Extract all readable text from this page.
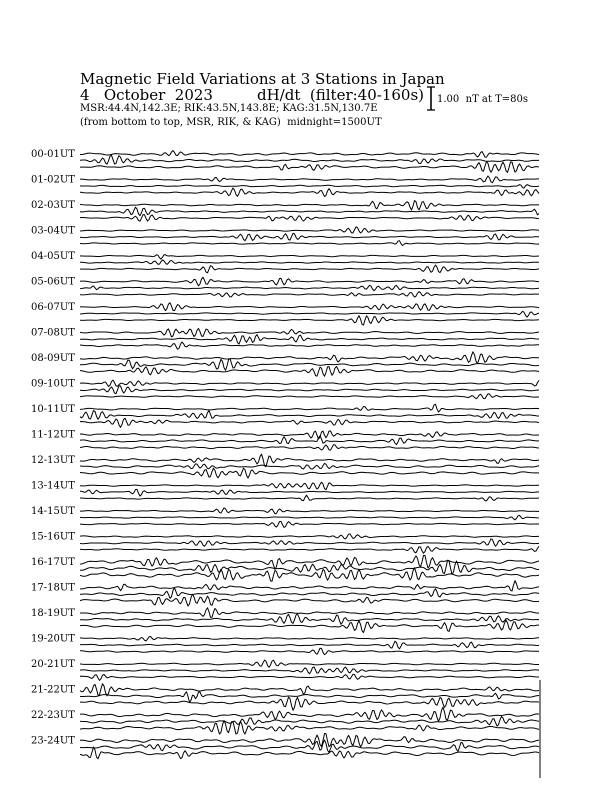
Magnetic Field Variations at 3 Stations in Japan
4   October  2023	dH/dt  (filter:40-160s)
MSR:44.4N,142.3E; RIK:43.5N,143.8E; KAG:31.5N,130.7E
(from bottom to top, MSR, RIK, & KAG)  midnight=1500UT
1.00  nT at T=80s
00-01UT
01-02UT
02-03UT
03-04UT
04-05UT
05-06UT
06-07UT
07-08UT
08-09UT
09-10UT
10-11UT
11-12UT
12-13UT
13-14UT
14-15UT
15-16UT
16-17UT
17-18UT
18-19UT
19-20UT
20-21UT
21-22UT
22-23UT
23-24UT
